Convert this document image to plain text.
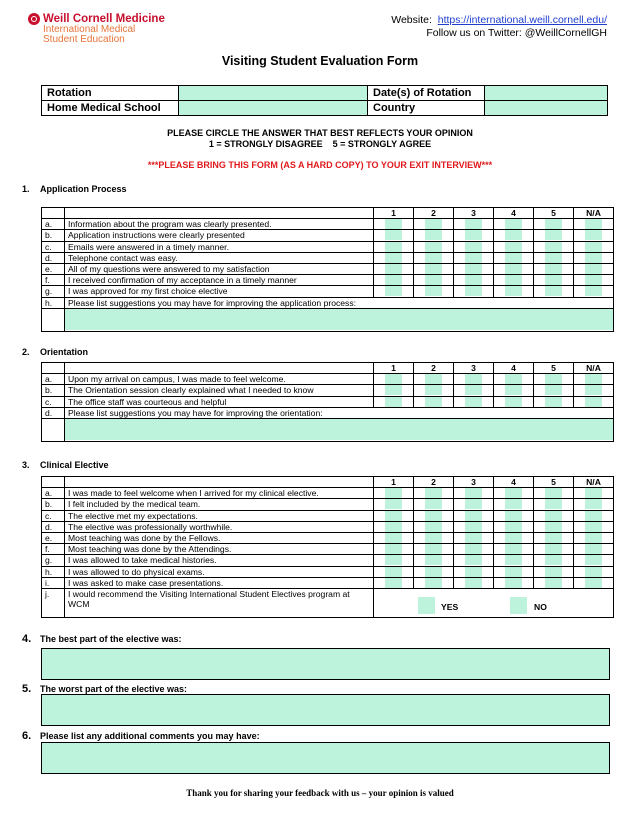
Weill Cornell Medicine
International Medical
Student Education
Website: https://international.weill.cornell.edu/
Follow us on Twitter: @WeillCornellGH
Visiting Student Evaluation Form
Rotation		Date(s) of Rotation	
Home Medical School		Country	
PLEASE CIRCLE THE ANSWER THAT BEST REFLECTS YOUR OPINION
1 = STRONGLY DISAGREE    5 = STRONGLY AGREE
***PLEASE BRING THIS FORM (AS A HARD COPY) TO YOUR EXIT INTERVIEW***
1. Application Process
		1	2	3	4	5	N/A
a.	Information about the program was clearly presented.	

b.	Application instructions were clearly presented	

c.	Emails were answered in a timely manner.	

d.	Telephone contact was easy.	

e.	All of my questions were answered to my satisfaction	

f.	I received confirmation of my acceptance in a timely manner	

g.	I was approved for my first choice elective	

h.	Please list suggestions you may have for improving the application process:						

2. Orientation
		1	2	3	4	5	N/A
a.	Upon my arrival on campus, I was made to feel welcome.	

b.	The Orientation session clearly explained what I needed to know	

c.	The office staff was courteous and helpful	

d.	Please list suggestions you may have for improving the orientation:						

3. Clinical Elective
		1	2	3	4	5	N/A
a.	I was made to feel welcome when I arrived for my clinical elective.	

b.	I felt included by the medical team.	

c.	The elective met my expectations.	

d.	The elective was professionally worthwhile.	

e.	Most teaching was done by the Fellows.	

f.	Most teaching was done by the Attendings.	

g.	I was allowed to take medical histories.	

h.	I was allowed to do physical exams.	

i.	I was asked to make case presentations.	

j.	I would recommend the Visiting International Student Electives program at WCM	YES NO					
4. The best part of the elective was:
5. The worst part of the elective was:
6. Please list any additional comments you may have:
Thank you for sharing your feedback with us – your opinion is valued
